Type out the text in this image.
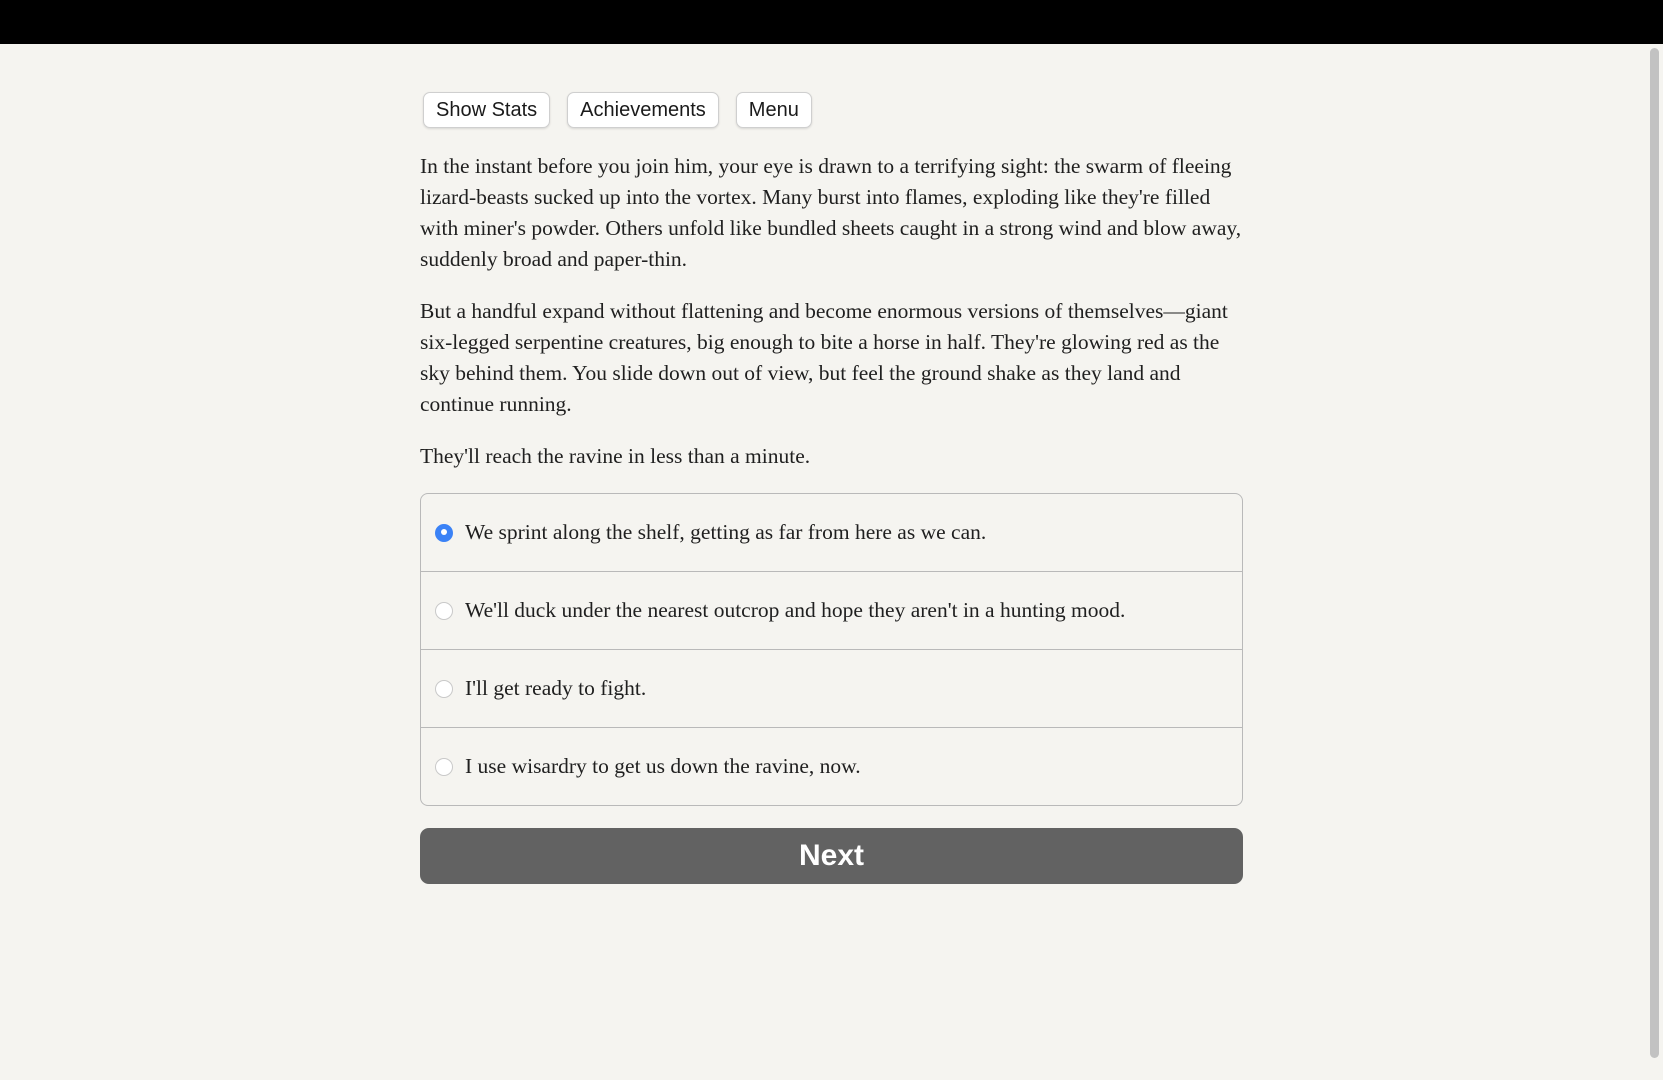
Show Stats	Achievements	Menu

In the instant before you join him, your eye is drawn to a terrifying sight: the swarm of fleeing lizard-beasts sucked up into the vortex. Many burst into flames, exploding like they're filled with miner's powder. Others unfold like bundled sheets caught in a strong wind and blow away, suddenly broad and paper-thin.

But a handful expand without flattening and become enormous versions of themselves—giant six-legged serpentine creatures, big enough to bite a horse in half. They're glowing red as the sky behind them. You slide down out of view, but feel the ground shake as they land and continue running.

They'll reach the ravine in less than a minute.

We sprint along the shelf, getting as far from here as we can.
We'll duck under the nearest outcrop and hope they aren't in a hunting mood.
I'll get ready to fight.
I use wisardry to get us down the ravine, now.
Next
